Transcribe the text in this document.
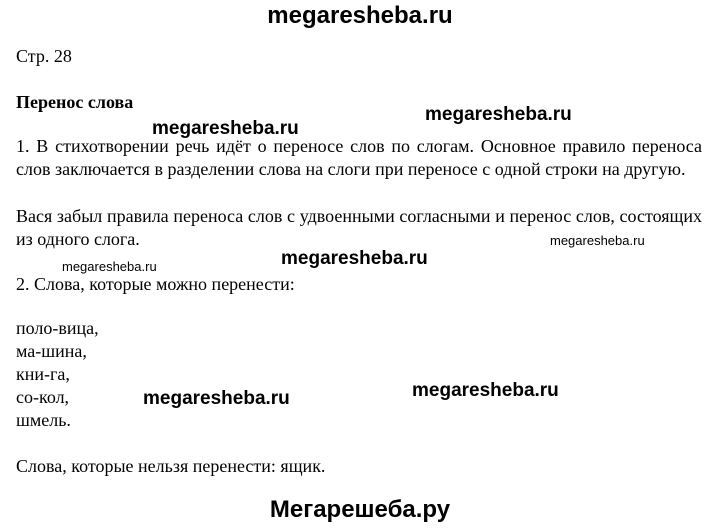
megaresheba.ru
Стр. 28
Перенос слова
1. В стихотворении речь идёт о переносе слов по слогам. Основное правило переноса слов заключается в разделении слова на слоги при переносе с одной строки на другую.
Вася забыл правила переноса слов с удвоенными согласными и перенос слов, состоящих из одного слога.
2. Слова, которые можно перенести:
поло-вица,
ма-шина,
кни-га,
со-кол,
шмель.
Слова, которые нельзя перенести: ящик.
megaresheba.ru
megaresheba.ru
megaresheba.ru
megaresheba.ru
megaresheba.ru
megaresheba.ru
megaresheba.ru
Мегарешеба.ру
